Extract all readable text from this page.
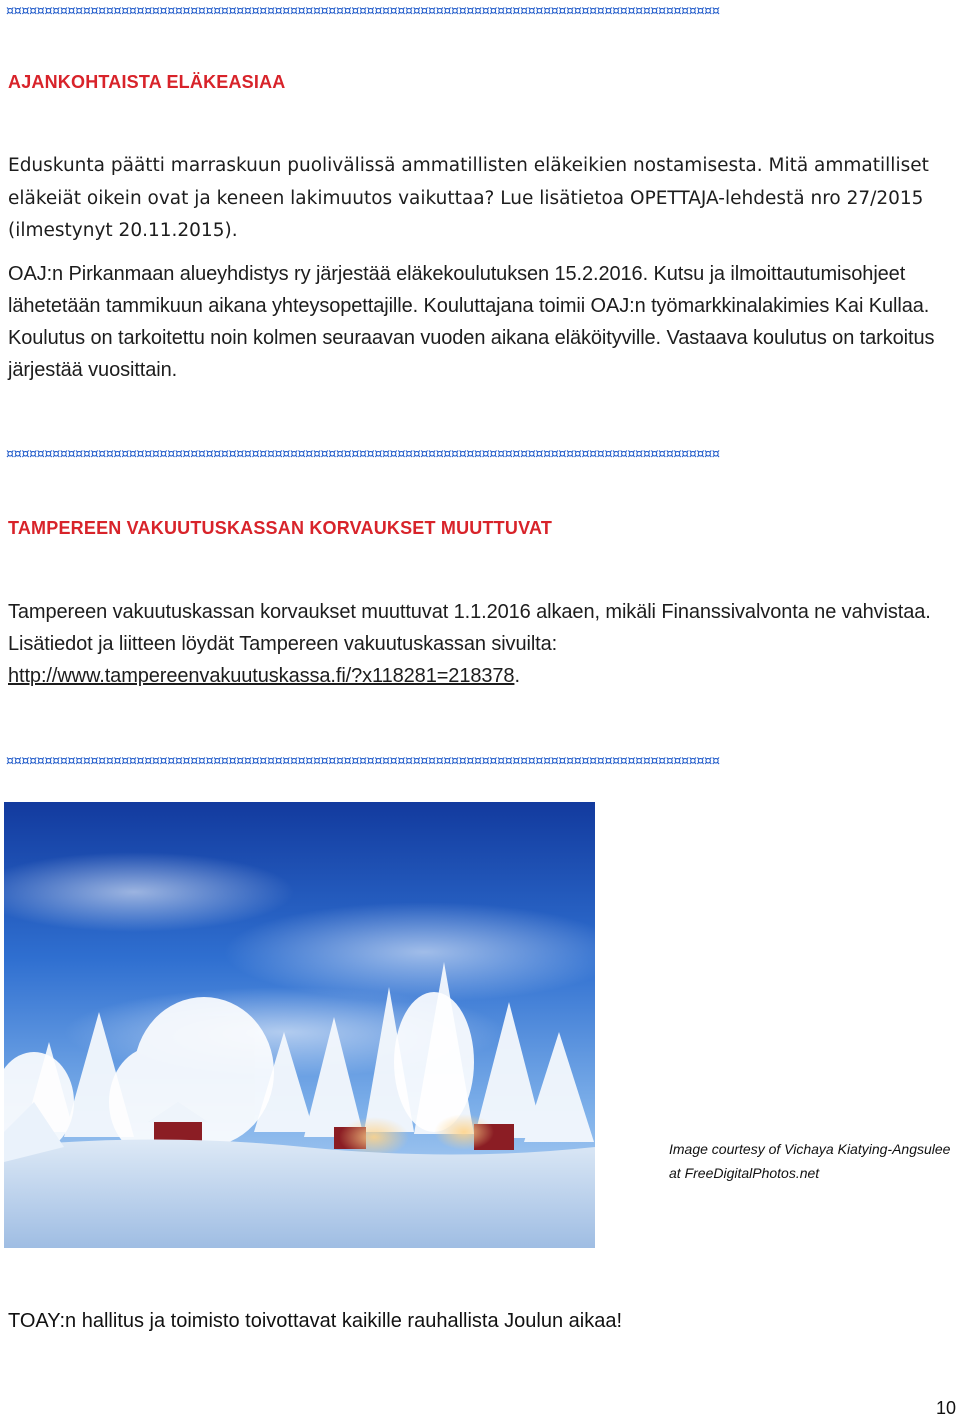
¤¤¤¤¤¤¤¤¤¤¤¤¤¤¤¤¤¤¤¤¤¤¤¤¤¤¤¤¤¤¤¤¤¤¤¤¤¤¤¤¤¤¤¤¤¤¤¤¤¤¤¤¤¤¤¤¤¤¤¤¤¤¤¤¤¤¤¤¤¤¤¤¤¤¤¤¤¤¤¤¤¤¤¤¤¤¤¤¤¤¤¤¤
AJANKOHTAISTA ELÄKEASIAA

Eduskunta päätti marraskuun puolivälissä ammatillisten eläkeikien nostamisesta. Mitä ammatilliset eläkeiät oikein ovat ja keneen lakimuutos vaikuttaa? Lue lisätietoa OPETTAJA-lehdestä nro 27/2015 (ilmestynyt 20.11.2015).

OAJ:n Pirkanmaan alueyhdistys ry järjestää eläkekoulutuksen 15.2.2016. Kutsu ja ilmoittautumisohjeet lähetetään tammikuun aikana yhteysopettajille. Kouluttajana toimii OAJ:n työmarkkinalakimies Kai Kullaa. Koulutus on tarkoitettu noin kolmen seuraavan vuoden aikana eläköityville. Vastaava koulutus on tarkoitus järjestää vuosittain.

¤¤¤¤¤¤¤¤¤¤¤¤¤¤¤¤¤¤¤¤¤¤¤¤¤¤¤¤¤¤¤¤¤¤¤¤¤¤¤¤¤¤¤¤¤¤¤¤¤¤¤¤¤¤¤¤¤¤¤¤¤¤¤¤¤¤¤¤¤¤¤¤¤¤¤¤¤¤¤¤¤¤¤¤¤¤¤¤¤¤¤¤¤
TAMPEREEN VAKUUTUSKASSAN KORVAUKSET MUUTTUVAT

Tampereen vakuutuskassan korvaukset muuttuvat 1.1.2016 alkaen, mikäli Finanssivalvonta ne vahvistaa. Lisätiedot ja liitteen löydät Tampereen vakuutuskassan sivuilta:
http://www.tampereenvakuutuskassa.fi/?x118281=218378.

¤¤¤¤¤¤¤¤¤¤¤¤¤¤¤¤¤¤¤¤¤¤¤¤¤¤¤¤¤¤¤¤¤¤¤¤¤¤¤¤¤¤¤¤¤¤¤¤¤¤¤¤¤¤¤¤¤¤¤¤¤¤¤¤¤¤¤¤¤¤¤¤¤¤¤¤¤¤¤¤¤¤¤¤¤¤¤¤¤¤¤¤¤

Image courtesy of Vichaya Kiatying-Angsulee
at FreeDigitalPhotos.net

TOAY:n hallitus ja toimisto toivottavat kaikille rauhallista Joulun aikaa!

10
